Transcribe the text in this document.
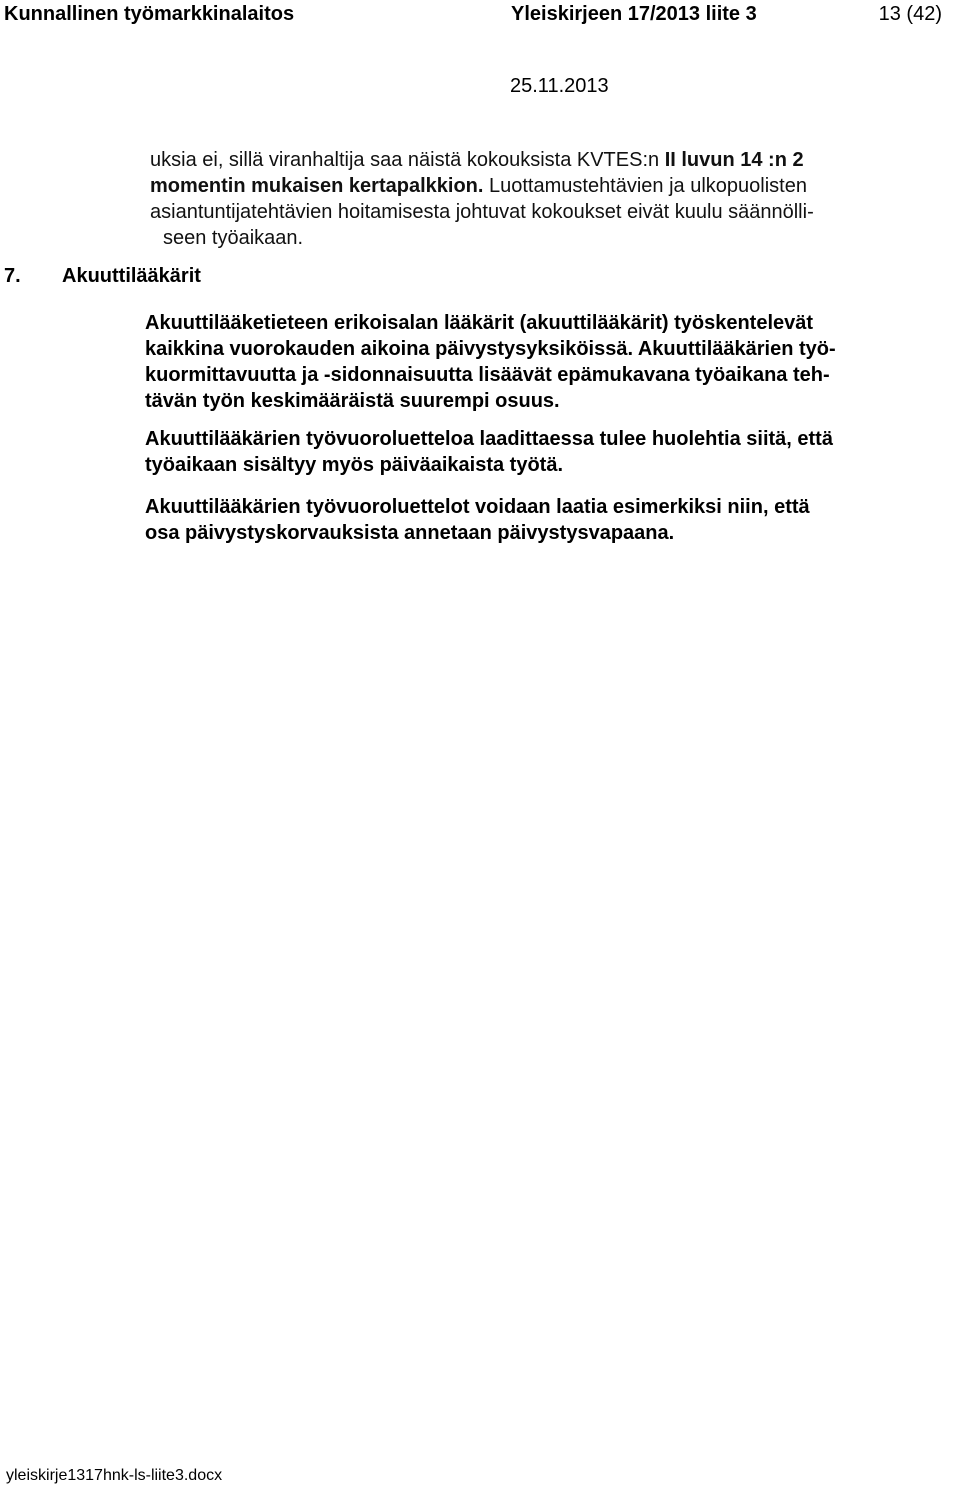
Kunnallinen työmarkkinalaitos	Yleiskirjeen 17/2013 liite 3	13 (42)
25.11.2013
uksia ei, sillä viranhaltija saa näistä kokouksista KVTES:n II luvun 14 :n 2
momentin mukaisen kertapalkkion. Luottamustehtävien ja ulkopuolisten
asiantuntijatehtävien hoitamisesta johtuvat kokoukset eivät kuulu säännölli-
seen työaikaan.
7. Akuuttilääkärit
Akuuttilääketieteen erikoisalan lääkärit (akuuttilääkärit) työskentelevät
kaikkina vuorokauden aikoina päivystysyksiköissä. Akuuttilääkärien työ-
kuormittavuutta ja -sidonnaisuutta lisäävät epämukavana työaikana teh-
tävän työn keskimääräistä suurempi osuus.
Akuuttilääkärien työvuoroluetteloa laadittaessa tulee huolehtia siitä, että
työaikaan sisältyy myös päiväaikaista työtä.
Akuuttilääkärien työvuoroluettelot voidaan laatia esimerkiksi niin, että
osa päivystyskorvauksista annetaan päivystysvapaana.
yleiskirje1317hnk-ls-liite3.docx
